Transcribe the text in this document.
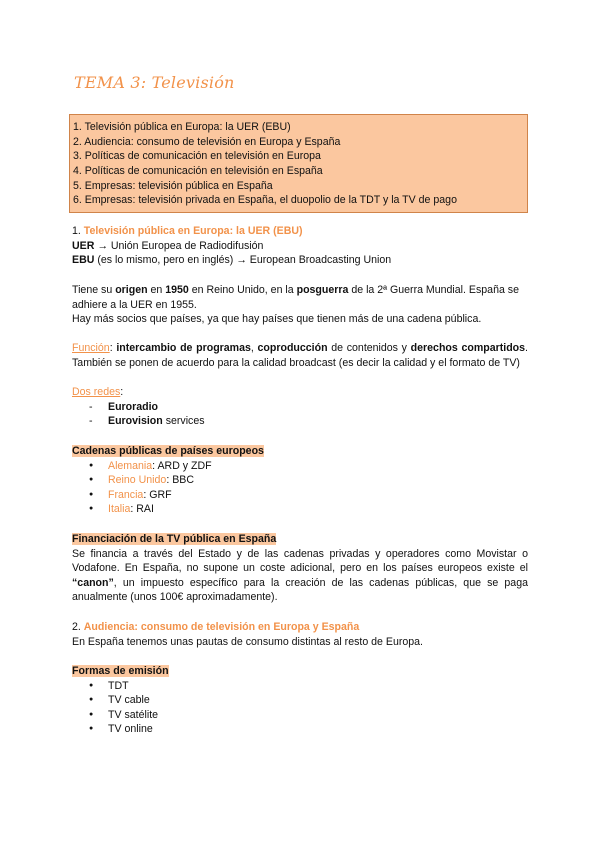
TEMA 3: Televisión
1. Televisión pública en Europa: la UER (EBU)
2. Audiencia: consumo de televisión en Europa y España
3. Políticas de comunicación en televisión en Europa
4. Políticas de comunicación en televisión en España
5. Empresas: televisión pública en España
6. Empresas: televisión privada en España, el duopolio de la TDT y la TV de pago
1. Televisión pública en Europa: la UER (EBU)
UER → Unión Europea de Radiodifusión
EBU (es lo mismo, pero en inglés) → European Broadcasting Union
Tiene su origen en 1950 en Reino Unido, en la posguerra de la 2ª Guerra Mundial. España se adhiere a la UER en 1955.
Hay más socios que países, ya que hay países que tienen más de una cadena pública.
Función: intercambio de programas, coproducción de contenidos y derechos compartidos. También se ponen de acuerdo para la calidad broadcast (es decir la calidad y el formato de TV)
Dos redes:
- Euroradio
- Eurovision services
Cadenas públicas de países europeos
● Alemania: ARD y ZDF
● Reino Unido: BBC
● Francia: GRF
● Italia: RAI
Financiación de la TV pública en España
Se financia a través del Estado y de las cadenas privadas y operadores como Movistar o Vodafone. En España, no supone un coste adicional, pero en los países europeos existe el “canon”, un impuesto específico para la creación de las cadenas públicas, que se paga anualmente (unos 100€ aproximadamente).
2. Audiencia: consumo de televisión en Europa y España
En España tenemos unas pautas de consumo distintas al resto de Europa.
Formas de emisión
● TDT
● TV cable
● TV satélite
● TV online
